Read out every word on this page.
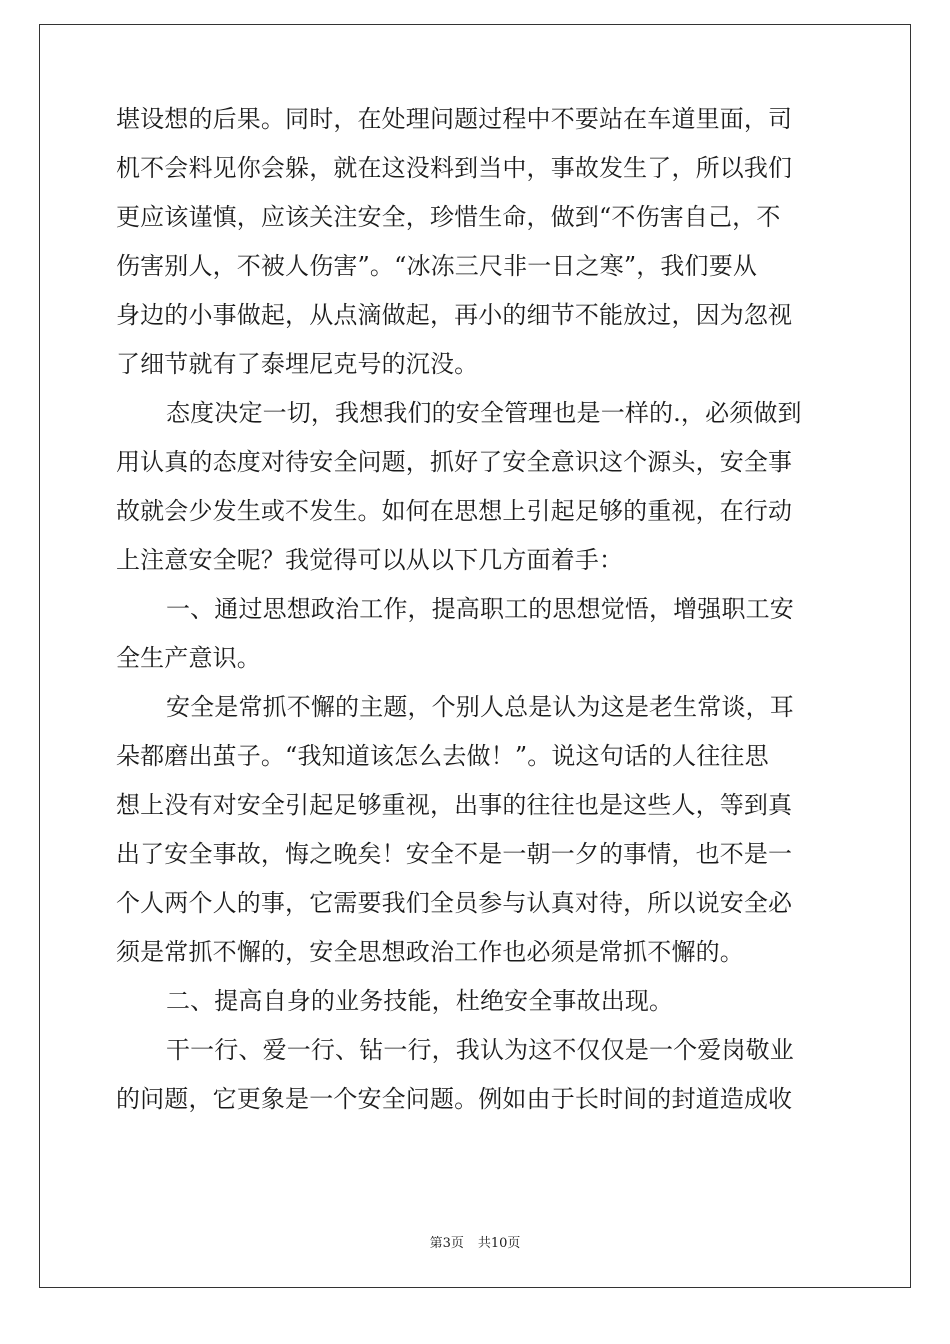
堪设想的后果。同时，在处理问题过程中不要站在车道里面，司
机不会料见你会躲，就在这没料到当中，事故发生了，所以我们
更应该谨慎，应该关注安全，珍惜生命，做到“不伤害自己，不
伤害别人，不被人伤害”。“冰冻三尺非一日之寒”，我们要从
身边的小事做起，从点滴做起，再小的细节不能放过，因为忽视
了细节就有了泰埋尼克号的沉没。
态度决定一切，我想我们的安全管理也是一样的.，必须做到
用认真的态度对待安全问题，抓好了安全意识这个源头，安全事
故就会少发生或不发生。如何在思想上引起足够的重视，在行动
上注意安全呢？我觉得可以从以下几方面着手：
一、通过思想政治工作，提高职工的思想觉悟，增强职工安
全生产意识。
安全是常抓不懈的主题，个别人总是认为这是老生常谈，耳
朵都磨出茧子。“我知道该怎么去做！”。说这句话的人往往思
想上没有对安全引起足够重视，出事的往往也是这些人，等到真
出了安全事故，悔之晚矣！安全不是一朝一夕的事情，也不是一
个人两个人的事，它需要我们全员参与认真对待，所以说安全必
须是常抓不懈的，安全思想政治工作也必须是常抓不懈的。
二、提高自身的业务技能，杜绝安全事故出现。
干一行、爱一行、钻一行，我认为这不仅仅是一个爱岗敬业
的问题，它更象是一个安全问题。例如由于长时间的封道造成收
第3页 共10页
